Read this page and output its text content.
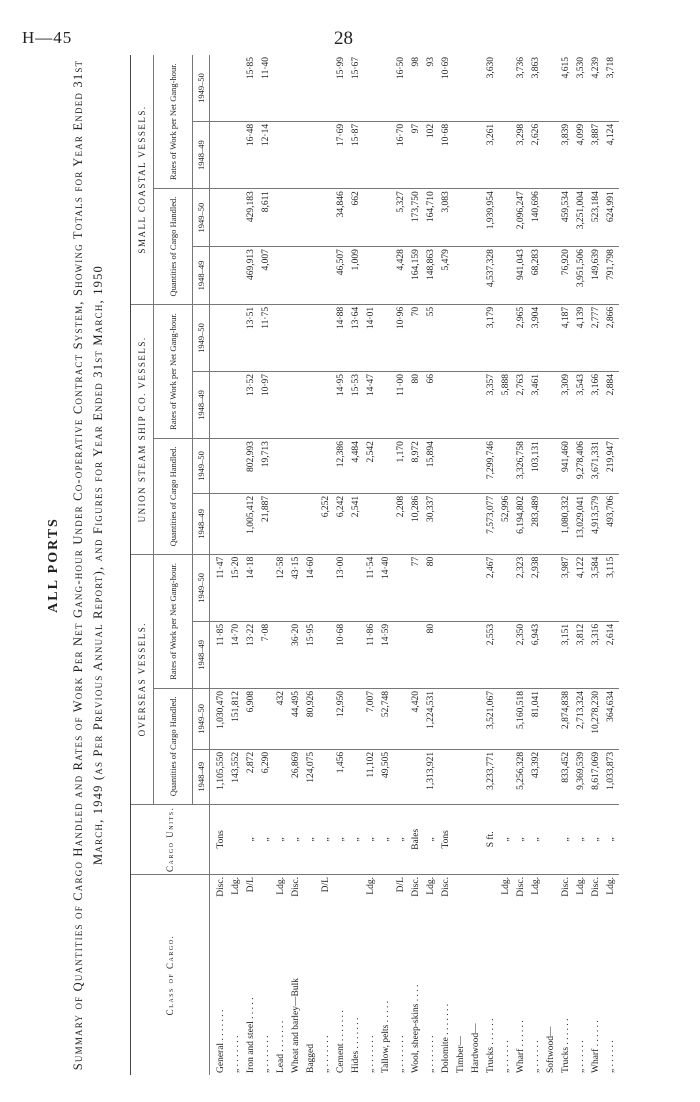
H—45	28
ALL PORTS Summary of Quantities of Cargo Handled and Rates of Work Per Net Gang-hour Under Co-operative Contract System, Showing Totals for Year Ended 31st March, 1949 (as Per Previous Annual Report), and Figures for Year Ended 31st March, 1950
Class of Cargo.		Cargo Units.	OVERSEAS VESSELS.				UNION STEAM SHIP CO. VESSELS.				SMALL COASTAL VESSELS.			
			Quantities of Cargo Handled.		Rates of Work per Net Gang-hour.		Quantities of Cargo Handled.		Rates of Work per Net Gang-hour.		Quantities of Cargo Handled.		Rates of Work per Net Gang-hour.	
			1948–49	1949–50	1948–49	1949–50	1948–49	1949–50	1948–49	1949–50	1948–49	1949–50	1948–49	1949–50
General . . . . . . .	Disc.	Tons	1,105,550	1,030,470	11·85	11·47								
„ . . . . . . .	Ldg.		143,552	151,812	14·70	15·20								
Iron and steel . . . . .	D/L	„	2,872	6,908	13·22	14·18	1,005,412	802,993	13·52	13·51	469,913	429,183	16·48	15·85
„ . . . . . . .		„	6,290		7·08		21,887	19,713	10·97	11·75	4,007	8,611	12·14	11·40
Lead . . . . . . .	Ldg.	„		432		12·58								
Wheat and barley—Bulk	Disc.	„	26,869	44,495	36·20	43·15								
Bagged		„	124,075	80,926	15·95	14·60								
„ . . . . . . .	D/L	„					6,252							
Cement . . . . . . .		„	1,456	12,950	10·68	13·00	6,242	12,386	14·95	14·88	46,507	34,846	17·69	15·99
Hides . . . . . . .		„					2,541	4,484	15·53	13·64	1,009	662	15·87	15·67
„ . . . . . . .	Ldg.	„	11,102	7,007	11·86	11·54		2,542	14·47	14·01				
Tallow, pelts . . . . .		„	49,505	52,748	14·59	14·40								
„ . . . . . . .	D/L	„					2,208	1,170	11·00	10·96	4,428	5,327	16·70	16·50
Wool, sheep-skins . . . .	Disc.	Bales		4,420		77	10,286	8,972	80	70	164,159	173,750	97	98
„ . . . . . . .	Ldg.	„	1,313,921	1,224,531	80	80	30,337	15,894	66	55	148,863	164,710	102	93
Dolomite . . . . . . .	Disc.	Tons									5,479	3,083	10·68	10·69
Timber—														
Hardwood—														
Trucks . . . . . .		S ft.	3,233,771	3,521,067	2,553	2,467	7,573,077	7,299,746	3,357	3,179	4,537,328	1,939,954	3,261	3,630
„ . . . . . .	Ldg.	„					52,996		5,888					
Wharf . . . . . .	Disc.	„	5,256,328	5,160,518	2,350	2,323	6,194,802	3,326,758	2,763	2,965	941,043	2,096,247	3,298	3,736
„ . . . . . .	Ldg.	„	43,392	81,041	6,943	2,938	283,489	103,131	3,461	3,904	68,283	140,696	2,626	3,863
Softwood—														
Trucks . . . . . .	Disc.	„	833,452	2,874,838	3,151	3,987	1,080,332	941,460	3,309	4,187	76,920	459,534	3,839	4,615
„ . . . . . .	Ldg.	„	9,369,539	2,713,324	3,812	4,122	13,029,041	9,278,406	3,543	4,139	3,951,506	3,251,004	4,099	3,530
Wharf . . . . . .	Disc.	„	8,617,069	10,278,230	3,316	3,584	4,913,579	3,671,331	3,166	2,777	149,639	523,184	3,887	4,239
„ . . . . . .	Ldg.	„	1,033,873	364,634	2,614	3,115	493,706	219,947	2,884	2,866	791,798	624,991	4,124	3,718
